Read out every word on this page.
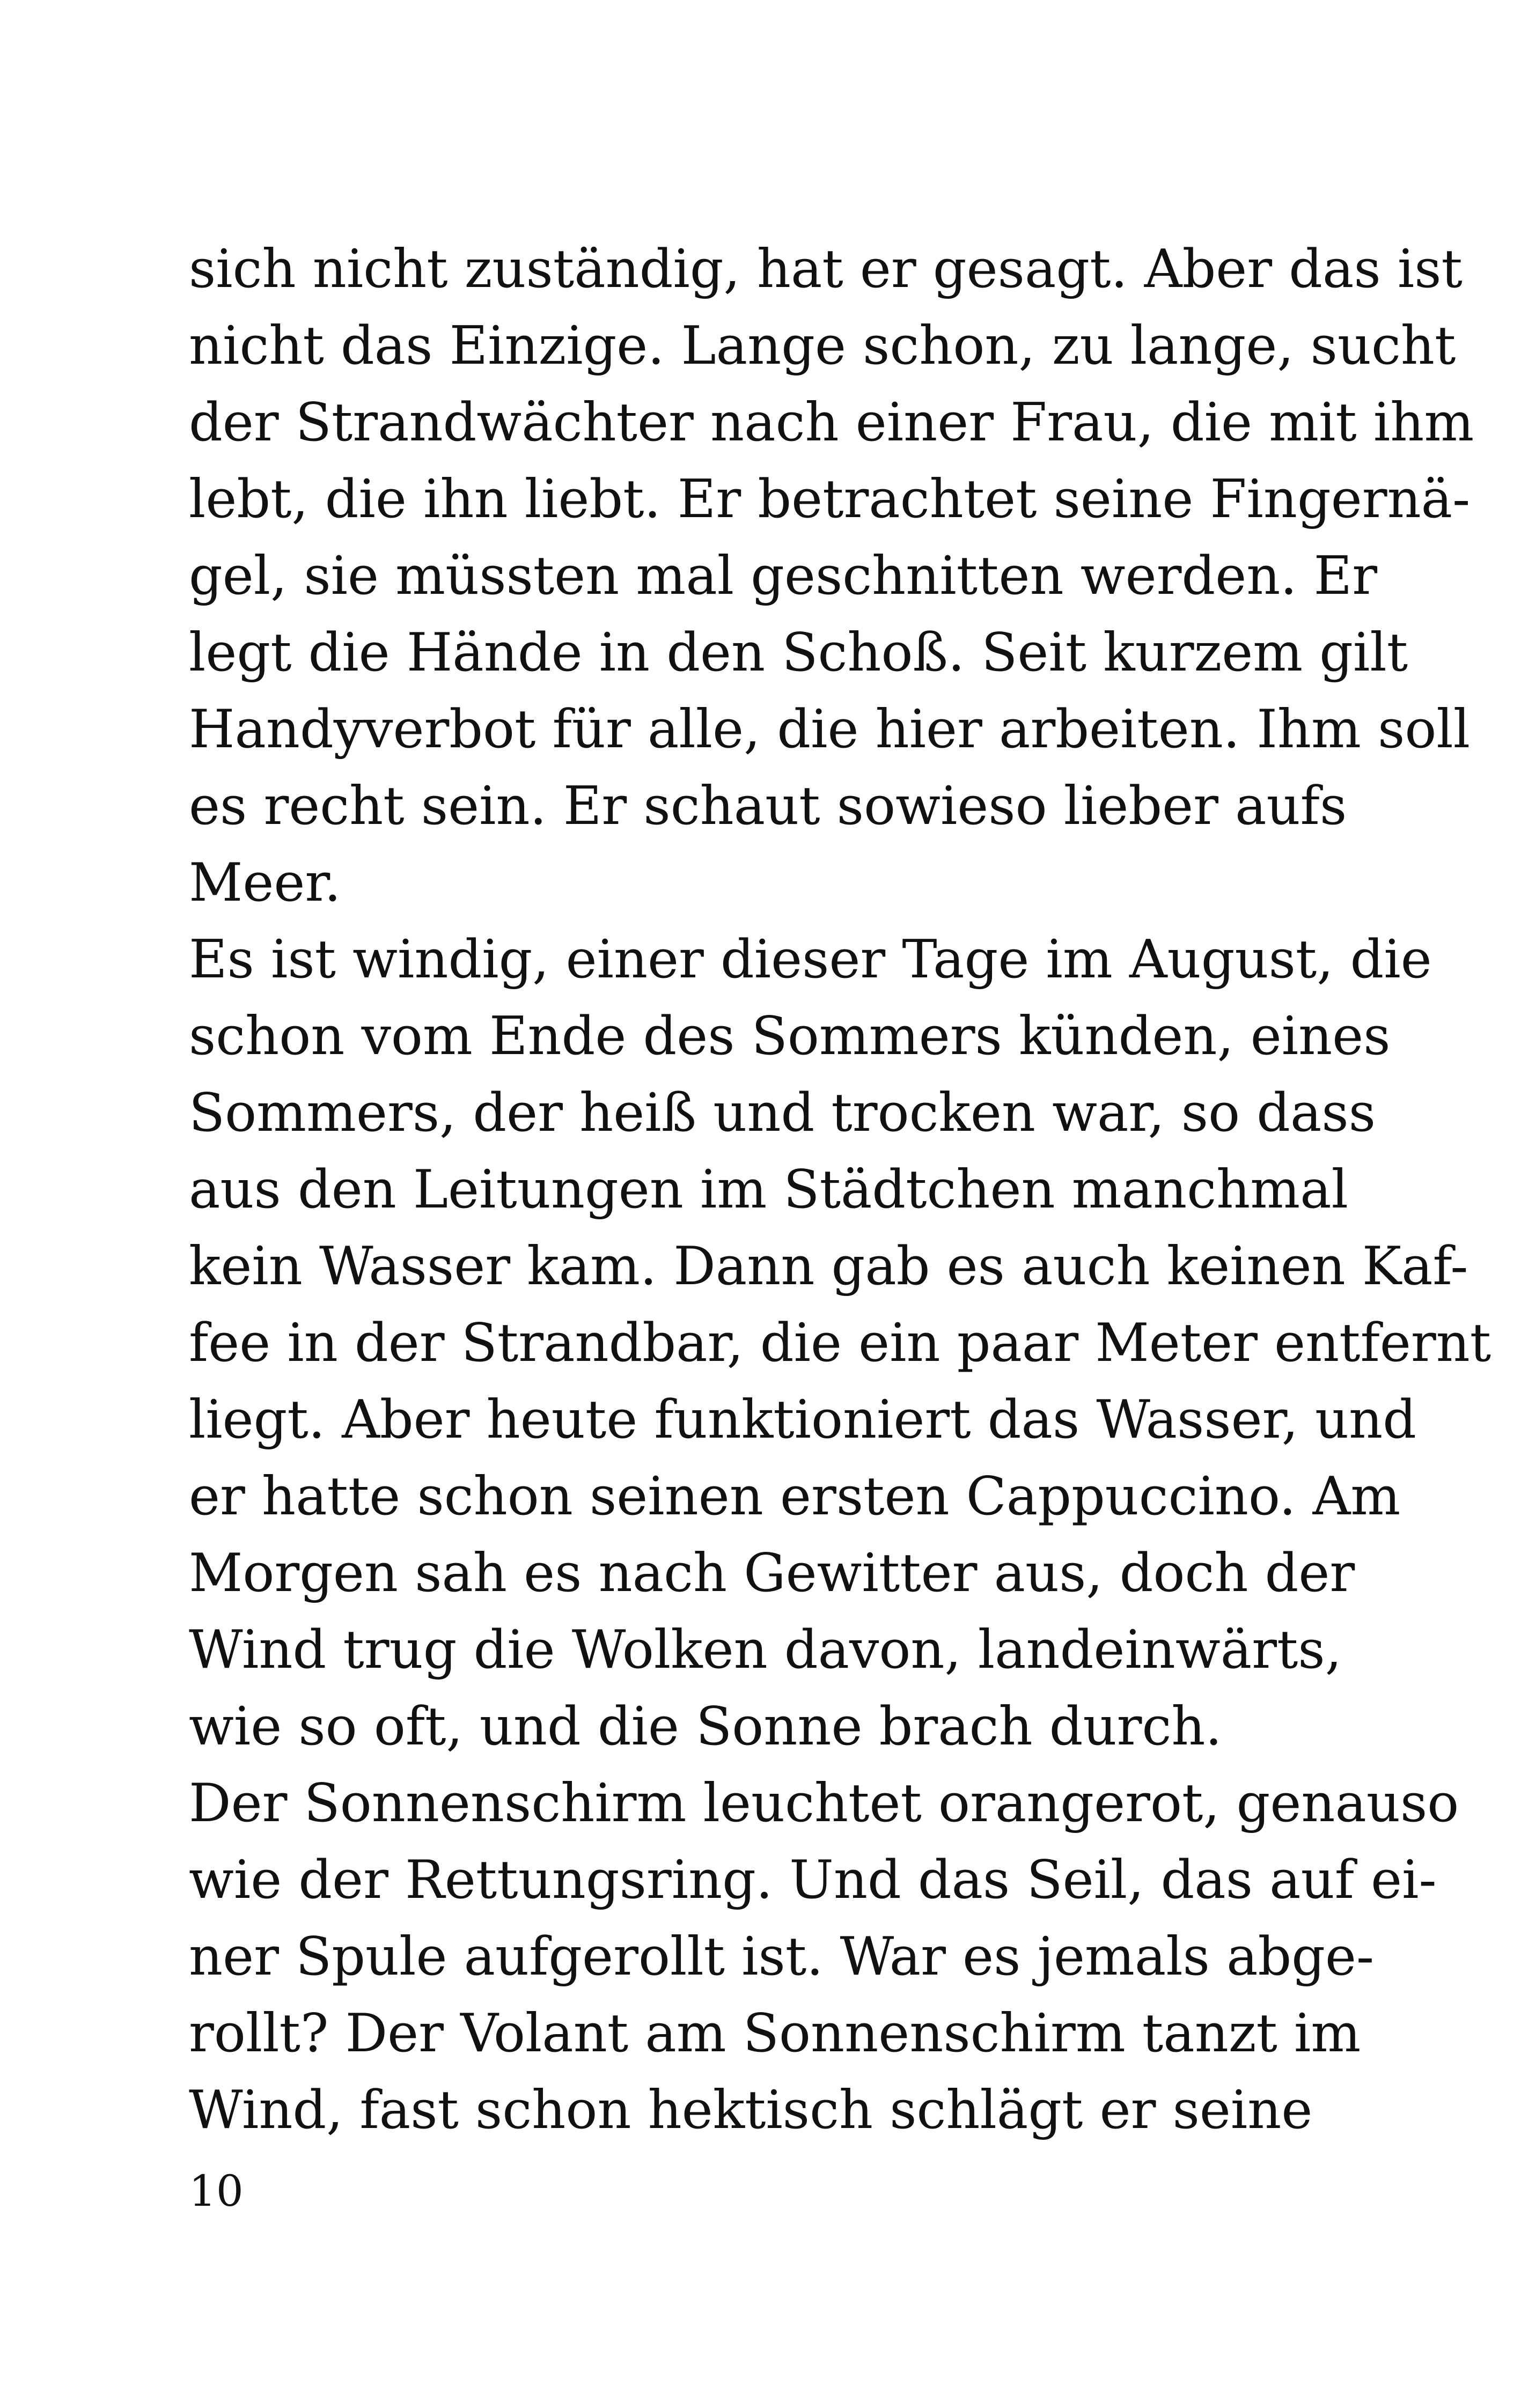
sich nicht zuständig, hat er gesagt. Aber das ist
nicht das Einzige. Lange schon, zu lange, sucht
der Strandwächter nach einer Frau, die mit ihm
lebt, die ihn liebt. Er betrachtet seine Fingernä-
gel, sie müssten mal geschnitten werden. Er
legt die Hände in den Schoß. Seit kurzem gilt
Handyverbot für alle, die hier arbeiten. Ihm soll
es recht sein. Er schaut sowieso lieber aufs
Meer.
Es ist windig, einer dieser Tage im August, die
schon vom Ende des Sommers künden, eines
Sommers, der heiß und trocken war, so dass
aus den Leitungen im Städtchen manchmal
kein Wasser kam. Dann gab es auch keinen Kaf-
fee in der Strandbar, die ein paar Meter entfernt
liegt. Aber heute funktioniert das Wasser, und
er hatte schon seinen ersten Cappuccino. Am
Morgen sah es nach Gewitter aus, doch der
Wind trug die Wolken davon, landeinwärts,
wie so oft, und die Sonne brach durch.
Der Sonnenschirm leuchtet orangerot, genauso
wie der Rettungsring. Und das Seil, das auf ei-
ner Spule aufgerollt ist. War es jemals abge-
rollt? Der Volant am Sonnenschirm tanzt im
Wind, fast schon hektisch schlägt er seine
10
